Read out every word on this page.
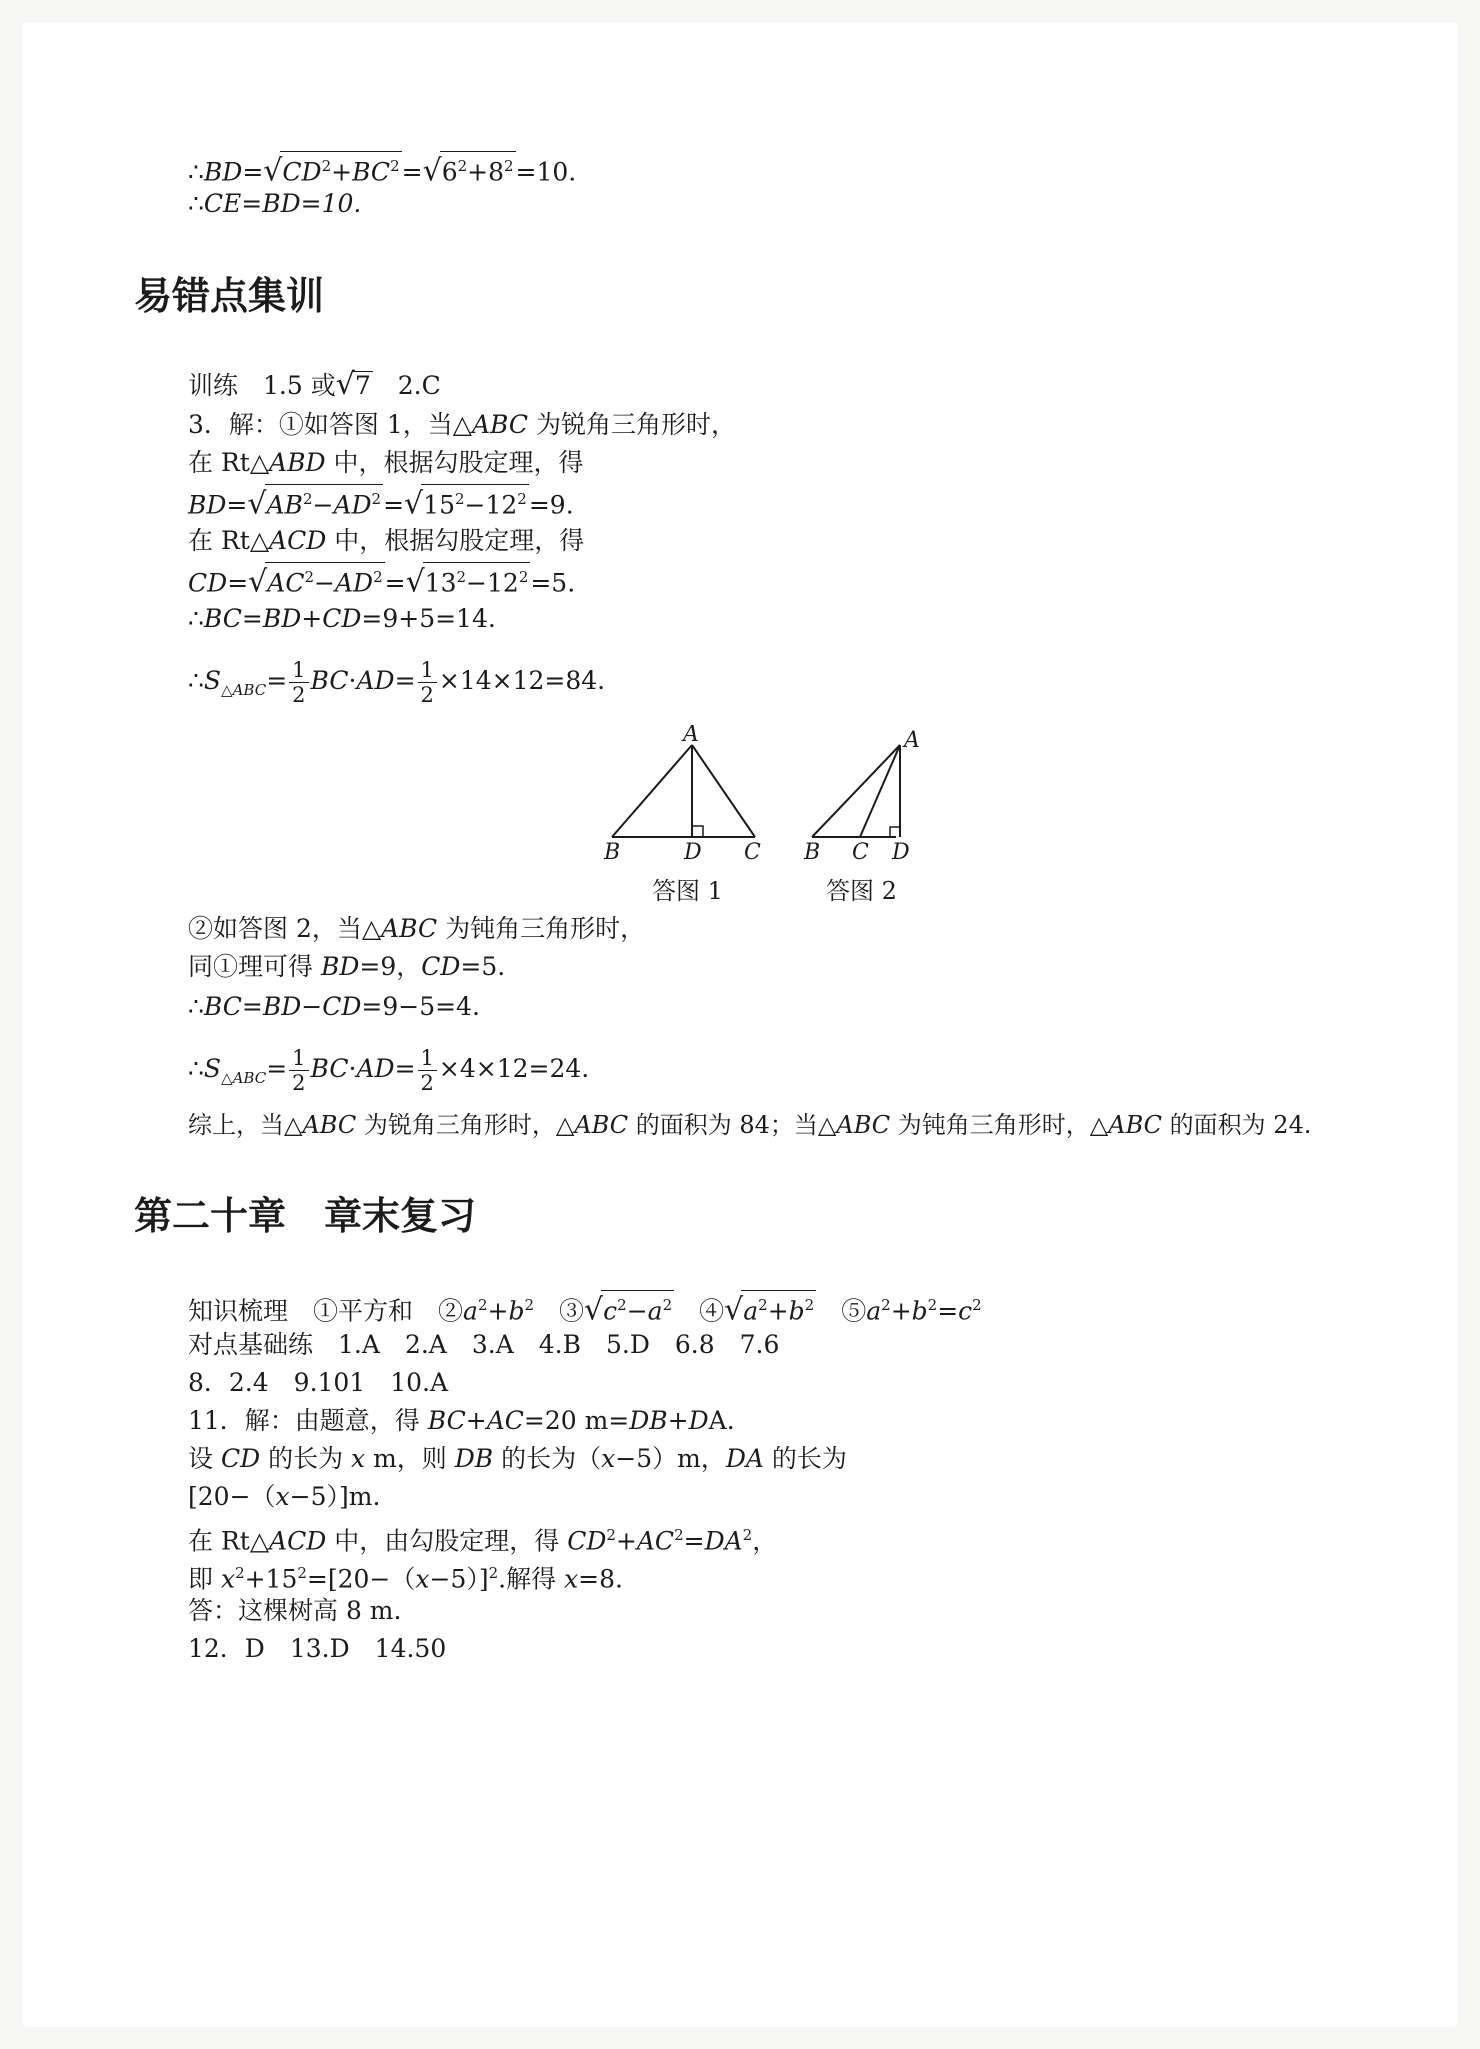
$\therefore BD=√CD^2+BC^2=√6^2+8^2=10$.
∴CE=BD=10.
易错点集训
训练　1.5 或√7　2.C
3．解：①如答图 1，当△ABC 为锐角三角形时，
在 Rt△ABD 中，根据勾股定理，得
$BD=√AB^2-AD^2=√15^2-12^2=9$.
在 Rt△ACD 中，根据勾股定理，得
$CD=√AC^2-AD^2=√13^2-12^2=5$.
∴BC=BD+CD=9+5=14.
$\therefore S_{\triangle ABC}= \frac{1}{2} BC\cdot AD= \frac{1}{2} \times 14\times 12=84$.
A
B	D C
答图 1
A
B C D
答图 2
②如答图 2，当△ABC 为钝角三角形时，
同①理可得 BD=9，CD=5.
∴BC=BD−CD=9−5=4.
$\therefore S_{\triangle ABC}= \frac{1}{2} BC\cdot AD= \frac{1}{2} \times 4\times 12=24$.
综上，当△ABC 为锐角三角形时，△ABC 的面积为 84；当△ABC 为钝角三角形时，△ABC 的面积为 24.
第二十章　章末复习
知识梳理　①平方和　$②a^2+b^2$　$③√c^2-a^2$　$④√a^2+b^2$　$⑤a^2+b^2=c^2$
对点基础练　 1.A　2.A　3.A　4.B　5.D　6.8　7.6
8．2.4　9.101　10.A
11．解：由题意，得 BC+AC=20 m=DB+DA.
设 CD 的长为 x m，则 DB 的长为（x−5）m，DA 的长为
[20−（x−5）]m.
在 Rt△ACD 中，由勾股定理，得 $CD^2+AC^2=DA^2$，
即 $x^2+15^2=[20-(x-5)]^2$.解得 x=8.
答：这棵树高 8 m.
12．D　13.D　14.50
